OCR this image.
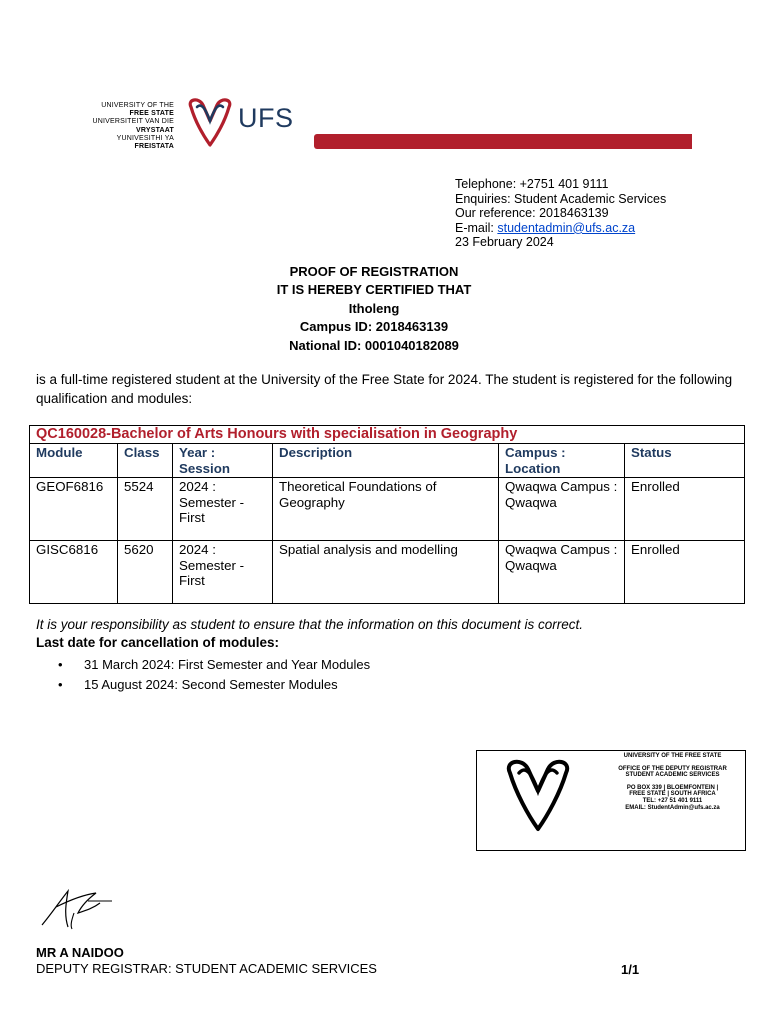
UNIVERSITY OF THE
FREE STATE
UNIVERSITEIT VAN DIE
VRYSTAAT
YUNIVESITHI YA
FREISTATA
UFS
Telephone: +2751 401 9111
Enquiries: Student Academic Services
Our reference: 2018463139
E-mail: studentadmin@ufs.ac.za
23 February 2024
PROOF OF REGISTRATION
IT IS HEREBY CERTIFIED THAT
Itholeng
Campus ID: 2018463139
National ID: 0001040182089
is a full-time registered student at the University of the Free State for 2024. The student is registered for the following qualification and modules:
QC160028-Bachelor of Arts Honours with specialisation in Geography					
Module	Class	Year : Session	Description	Campus : Location	Status
GEOF6816	5524	2024 : Semester - First	Theoretical Foundations of Geography	Qwaqwa Campus : Qwaqwa	Enrolled
GISC6816	5620	2024 : Semester - First	Spatial analysis and modelling	Qwaqwa Campus : Qwaqwa	Enrolled
It is your responsibility as student to ensure that the information on this document is correct.
Last date for cancellation of modules:
• 31 March 2024: First Semester and Year Modules
• 15 August 2024: Second Semester Modules
UNIVERSITY OF THE FREE STATE
OFFICE OF THE DEPUTY REGISTRAR
STUDENT ACADEMIC SERVICES
PO BOX 339 | BLOEMFONTEIN |
FREE STATE | SOUTH AFRICA
TEL: +27 51 401 9111
EMAIL: StudentAdmin@ufs.ac.za
MR A NAIDOO
DEPUTY REGISTRAR: STUDENT ACADEMIC SERVICES	1/1
